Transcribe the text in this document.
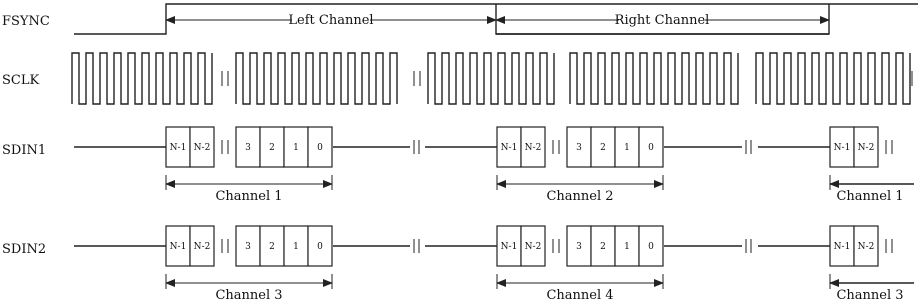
FSYNC
SCLK
SDIN1
SDIN2
Left Channel	Right Channel
N-1 N-2	3 2 1 0
Channel 1
N-1 N-2	3 2 1 0
Channel 2
N-1 N-2
Channel 1
N-1 N-2	3 2 1 0
Channel 3
N-1 N-2	3 2 1 0
Channel 4
N-1 N-2
Channel 3
